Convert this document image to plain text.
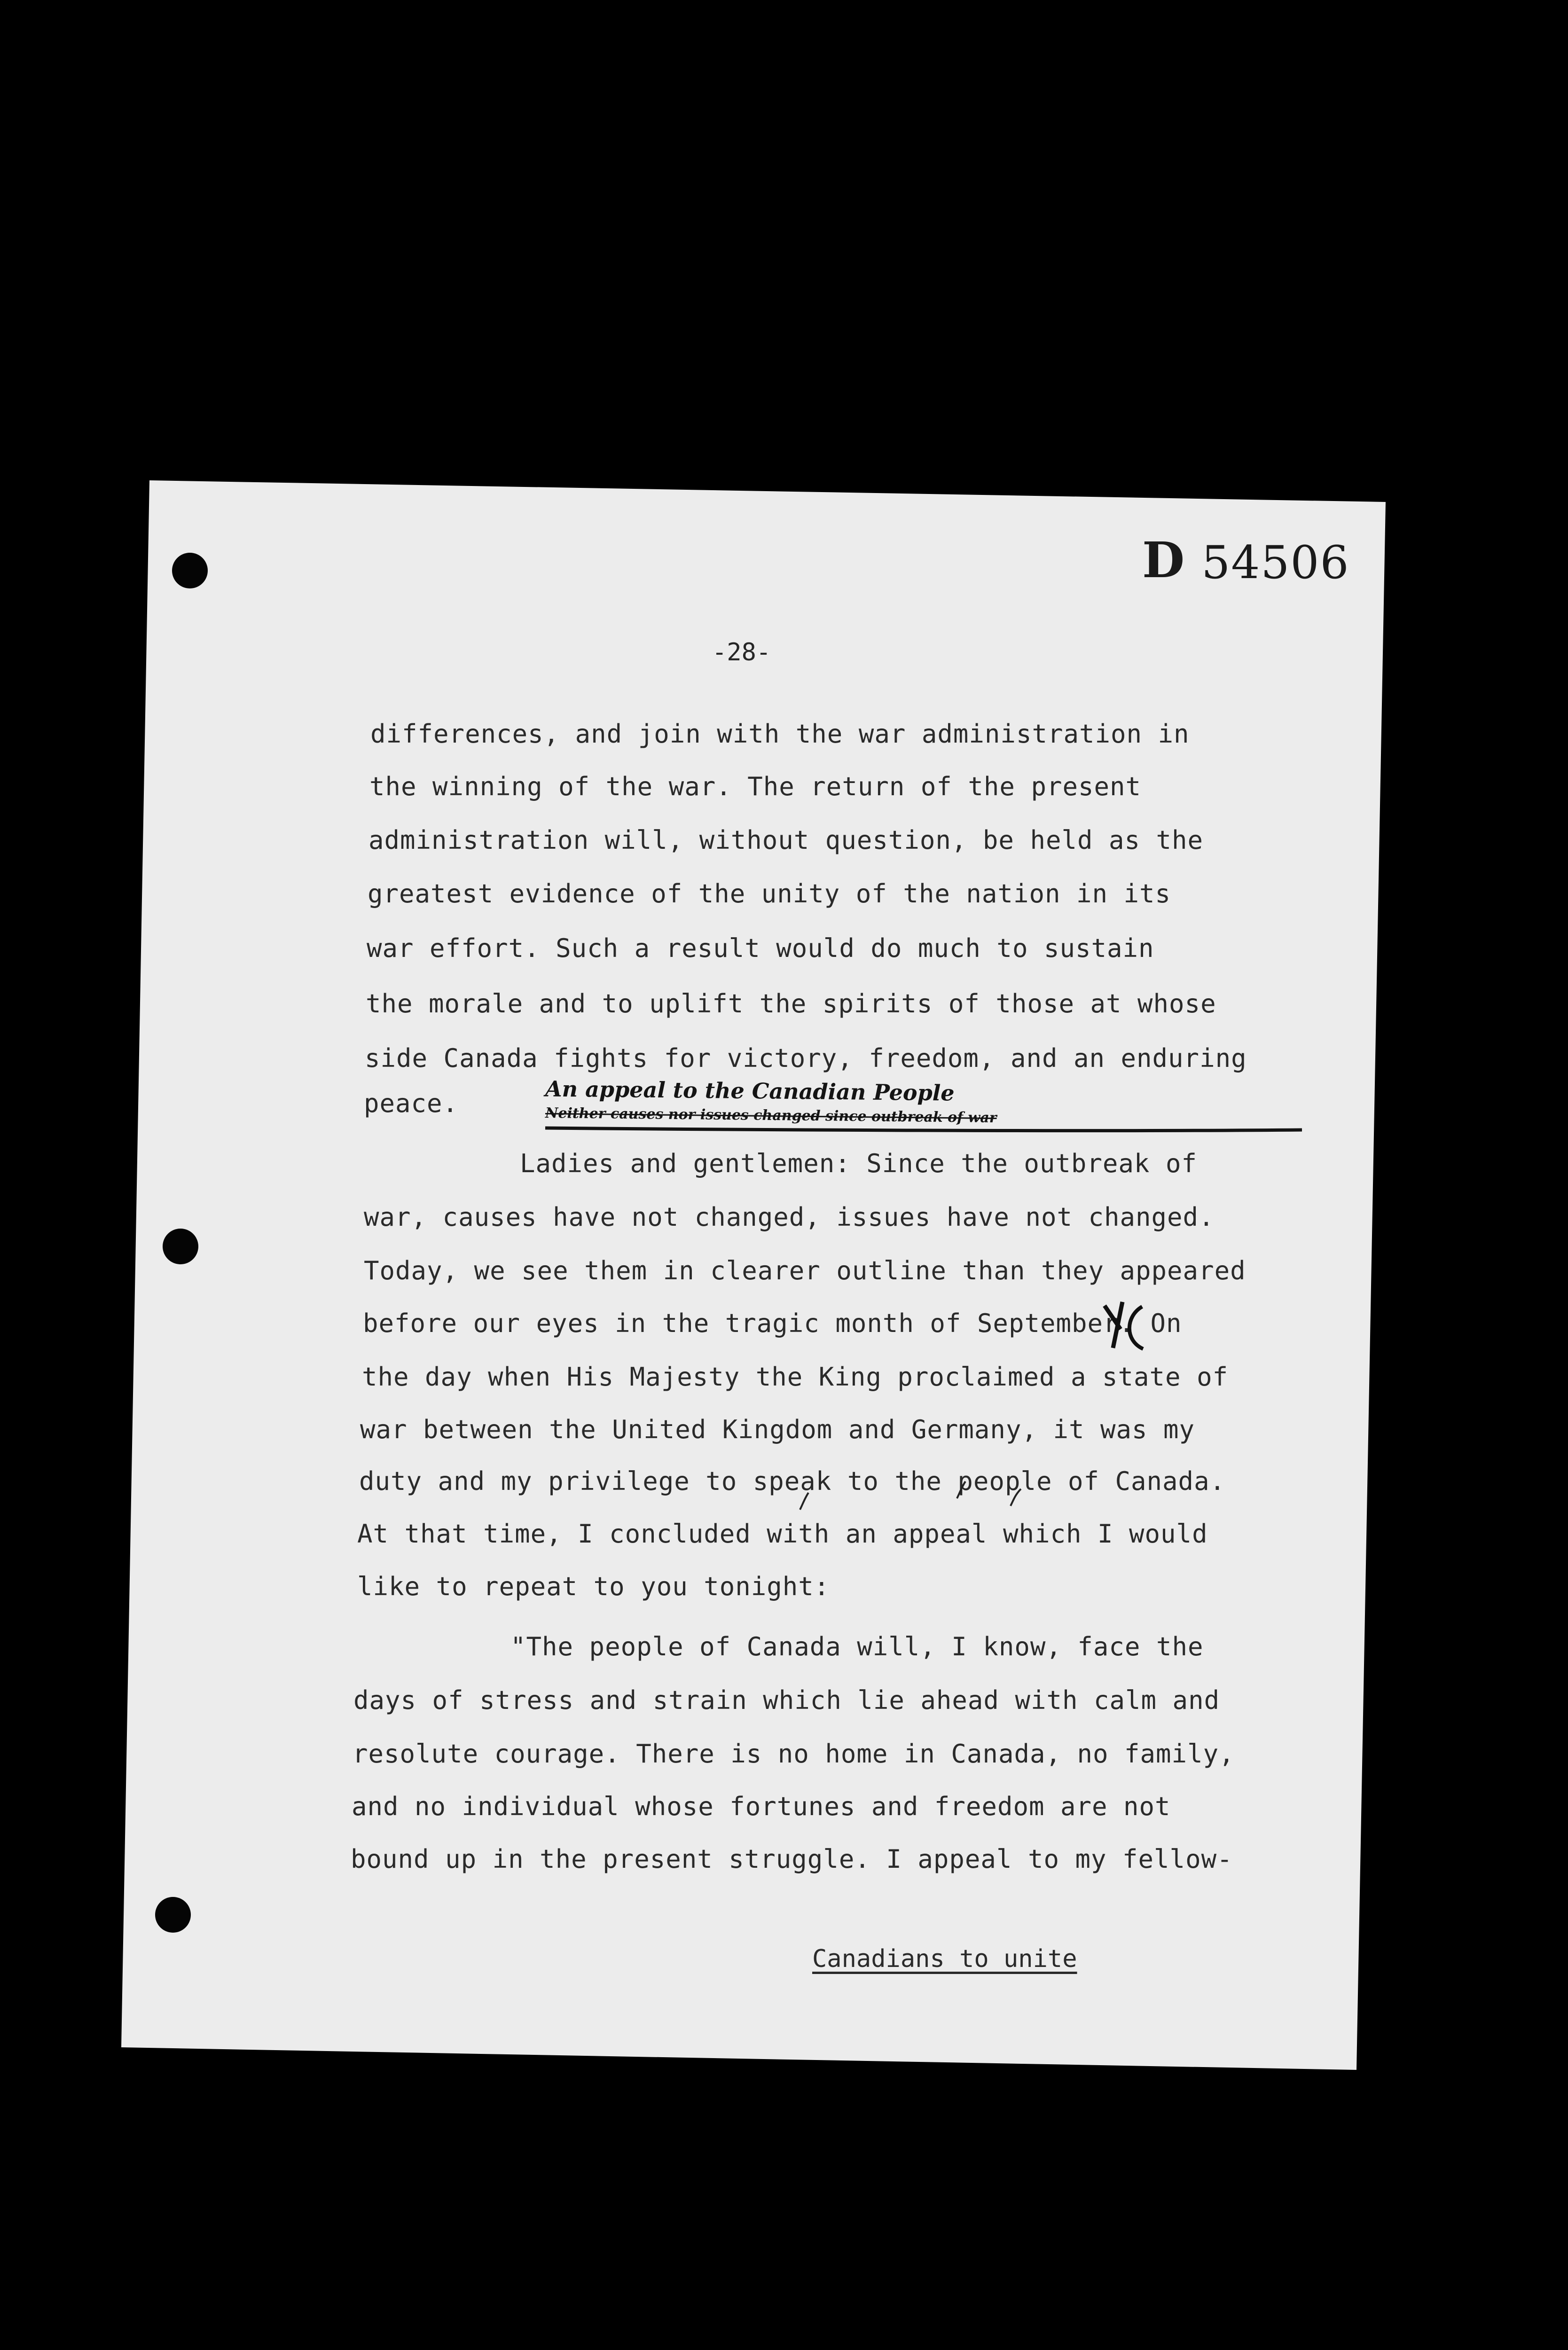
D 54506
-28-
differences, and join with the war administration in
the winning of the war. The return of the present
administration will, without question, be held as the
greatest evidence of the unity of the nation in its
war effort. Such a result would do much to sustain
the morale and to uplift the spirits of those at whose
side Canada fights for victory, freedom, and an enduring
peace.	An appeal to the Canadian People
Neither causes nor issues changed since outbreak of war
Ladies and gentlemen: Since the outbreak of
war, causes have not changed, issues have not changed.
Today, we see them in clearer outline than they appeared
before our eyes in the tragic month of September. On
the day when His Majesty the King proclaimed a state of
war between the United Kingdom and Germany, it was my
duty and my privilege to speak to the people of Canada.
At that time, I concluded with an appeal which I would
like to repeat to you tonight:
"The people of Canada will, I know, face the
days of stress and strain which lie ahead with calm and
resolute courage. There is no home in Canada, no family,
and no individual whose fortunes and freedom are not
bound up in the present struggle. I appeal to my fellow-
Canadians to unite
